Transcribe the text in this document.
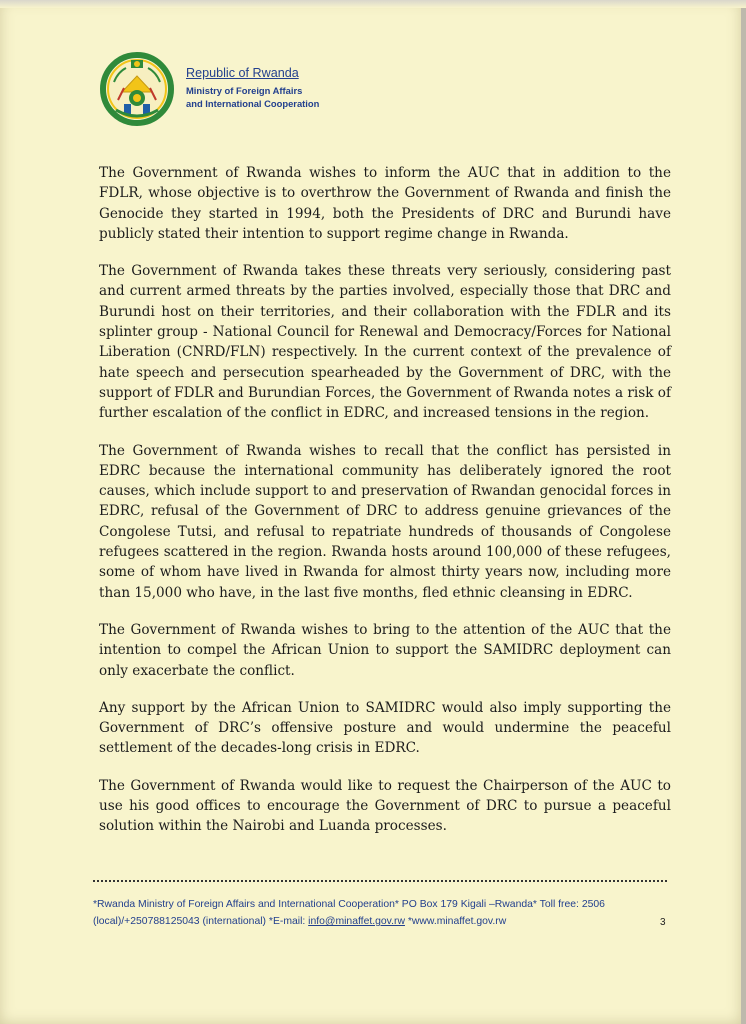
Republic of Rwanda
Ministry of Foreign Affairs
and International Cooperation

The Government of Rwanda wishes to inform the AUC that in addition to the FDLR, whose objective is to overthrow the Government of Rwanda and finish the Genocide they started in 1994, both the Presidents of DRC and Burundi have publicly stated their intention to support regime change in Rwanda.

The Government of Rwanda takes these threats very seriously, considering past and current armed threats by the parties involved, especially those that DRC and Burundi host on their territories, and their collaboration with the FDLR and its splinter group - National Council for Renewal and Democracy/Forces for National Liberation (CNRD/FLN) respectively. In the current context of the prevalence of hate speech and persecution spearheaded by the Government of DRC, with the support of FDLR and Burundian Forces, the Government of Rwanda notes a risk of further escalation of the conflict in EDRC, and increased tensions in the region.

The Government of Rwanda wishes to recall that the conflict has persisted in EDRC because the international community has deliberately ignored the root causes, which include support to and preservation of Rwandan genocidal forces in EDRC, refusal of the Government of DRC to address genuine grievances of the Congolese Tutsi, and refusal to repatriate hundreds of thousands of Congolese refugees scattered in the region. Rwanda hosts around 100,000 of these refugees, some of whom have lived in Rwanda for almost thirty years now, including more than 15,000 who have, in the last five months, fled ethnic cleansing in EDRC.

The Government of Rwanda wishes to bring to the attention of the AUC that the intention to compel the African Union to support the SAMIDRC deployment can only exacerbate the conflict.

Any support by the African Union to SAMIDRC would also imply supporting the Government of DRC’s offensive posture and would undermine the peaceful settlement of the decades-long crisis in EDRC.

The Government of Rwanda would like to request the Chairperson of the AUC to use his good offices to encourage the Government of DRC to pursue a peaceful solution within the Nairobi and Luanda processes.

*Rwanda Ministry of Foreign Affairs and International Cooperation* PO Box 179 Kigali –Rwanda* Toll free: 2506 (local)/+250788125043 (international) *E-mail: info@minaffet.gov.rw *www.minaffet.gov.rw	3
